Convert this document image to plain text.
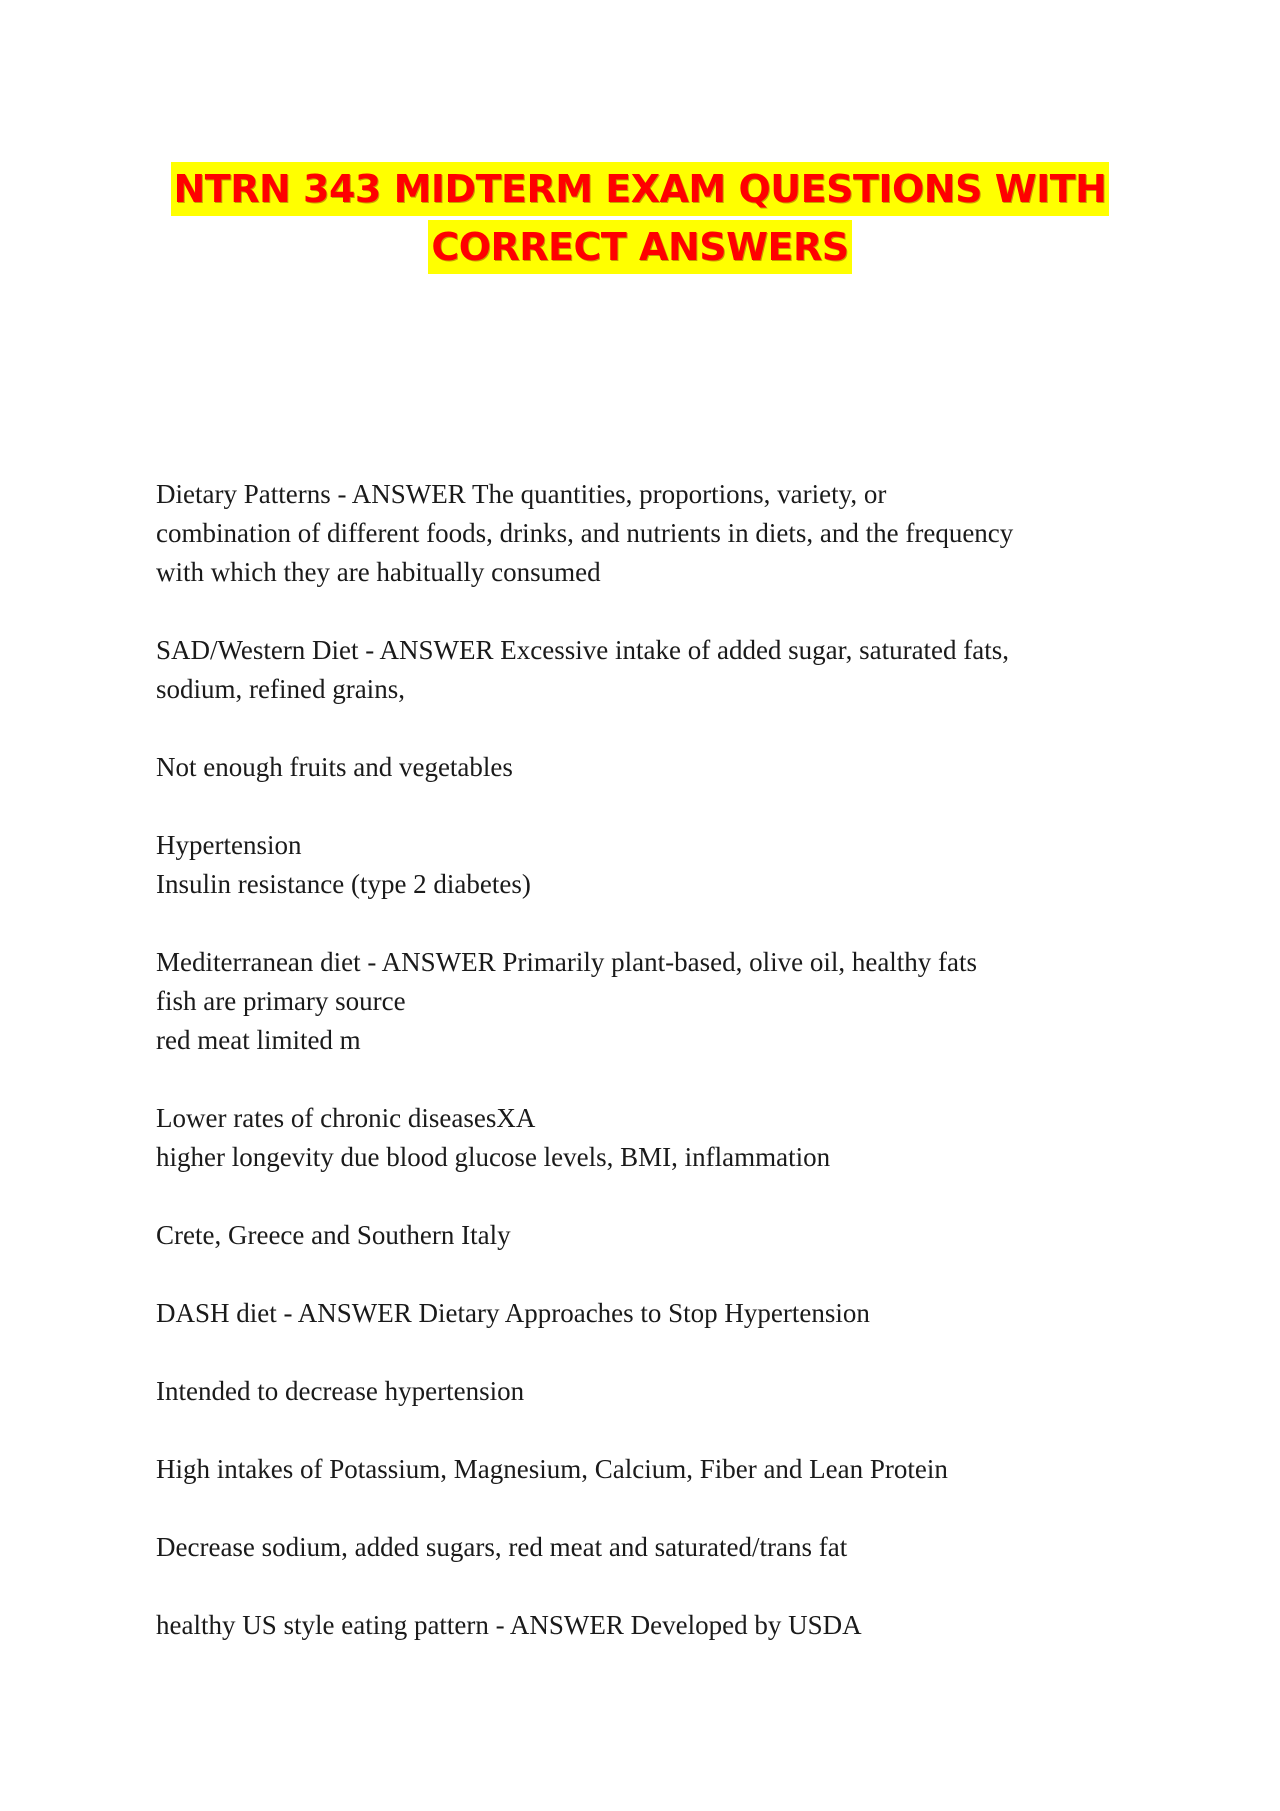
NTRN 343 MIDTERM EXAM QUESTIONS WITH
CORRECT ANSWERS
Dietary Patterns - ANSWER The quantities, proportions, variety, or
combination of different foods, drinks, and nutrients in diets, and the frequency
with which they are habitually consumed
SAD/Western Diet - ANSWER Excessive intake of added sugar, saturated fats,
sodium, refined grains,
Not enough fruits and vegetables
Hypertension
Insulin resistance (type 2 diabetes)
Mediterranean diet - ANSWER Primarily plant-based, olive oil, healthy fats
fish are primary source
red meat limited m
Lower rates of chronic diseasesXA
higher longevity due blood glucose levels, BMI, inflammation
Crete, Greece and Southern Italy
DASH diet - ANSWER Dietary Approaches to Stop Hypertension
Intended to decrease hypertension
High intakes of Potassium, Magnesium, Calcium, Fiber and Lean Protein
Decrease sodium, added sugars, red meat and saturated/trans fat
healthy US style eating pattern - ANSWER Developed by USDA
